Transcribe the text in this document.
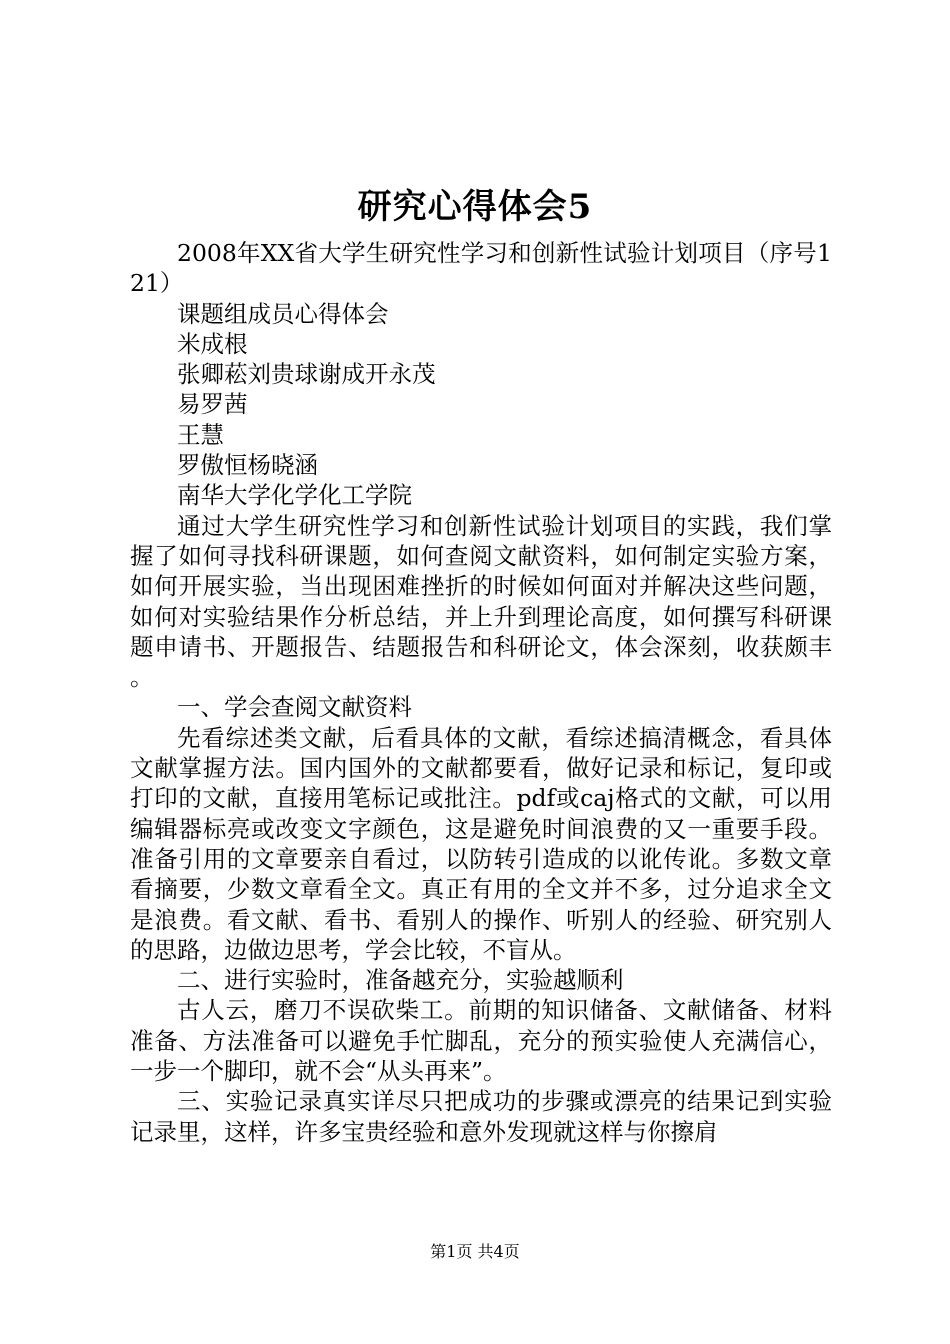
研究心得体会5

2008年XX省大学生研究性学习和创新性试验计划项目（序号121）

课题组成员心得体会

米成根

张卿菘刘贵球谢成开永茂

易罗茜

王慧

罗傲恒杨晓涵

南华大学化学化工学院

通过大学生研究性学习和创新性试验计划项目的实践，我们掌握了如何寻找科研课题，如何查阅文献资料，如何制定实验方案，如何开展实验，当出现困难挫折的时候如何面对并解决这些问题，如何对实验结果作分析总结，并上升到理论高度，如何撰写科研课题申请书、开题报告、结题报告和科研论文，体会深刻，收获颇丰。

一、学会查阅文献资料

先看综述类文献，后看具体的文献，看综述搞清概念，看具体文献掌握方法。国内国外的文献都要看，做好记录和标记，复印或打印的文献，直接用笔标记或批注。pdf或caj格式的文献，可以用编辑器标亮或改变文字颜色，这是避免时间浪费的又一重要手段。准备引用的文章要亲自看过，以防转引造成的以讹传讹。多数文章看摘要，少数文章看全文。真正有用的全文并不多，过分追求全文是浪费。看文献、看书、看别人的操作、听别人的经验、研究别人的思路，边做边思考，学会比较，不盲从。

二、进行实验时，准备越充分，实验越顺利

古人云，磨刀不误砍柴工。前期的知识储备、文献储备、材料准备、方法准备可以避免手忙脚乱，充分的预实验使人充满信心，一步一个脚印，就不会“从头再来”。

三、实验记录真实详尽只把成功的步骤或漂亮的结果记到实验记录里，这样，许多宝贵经验和意外发现就这样与你擦肩

第1页 共4页
